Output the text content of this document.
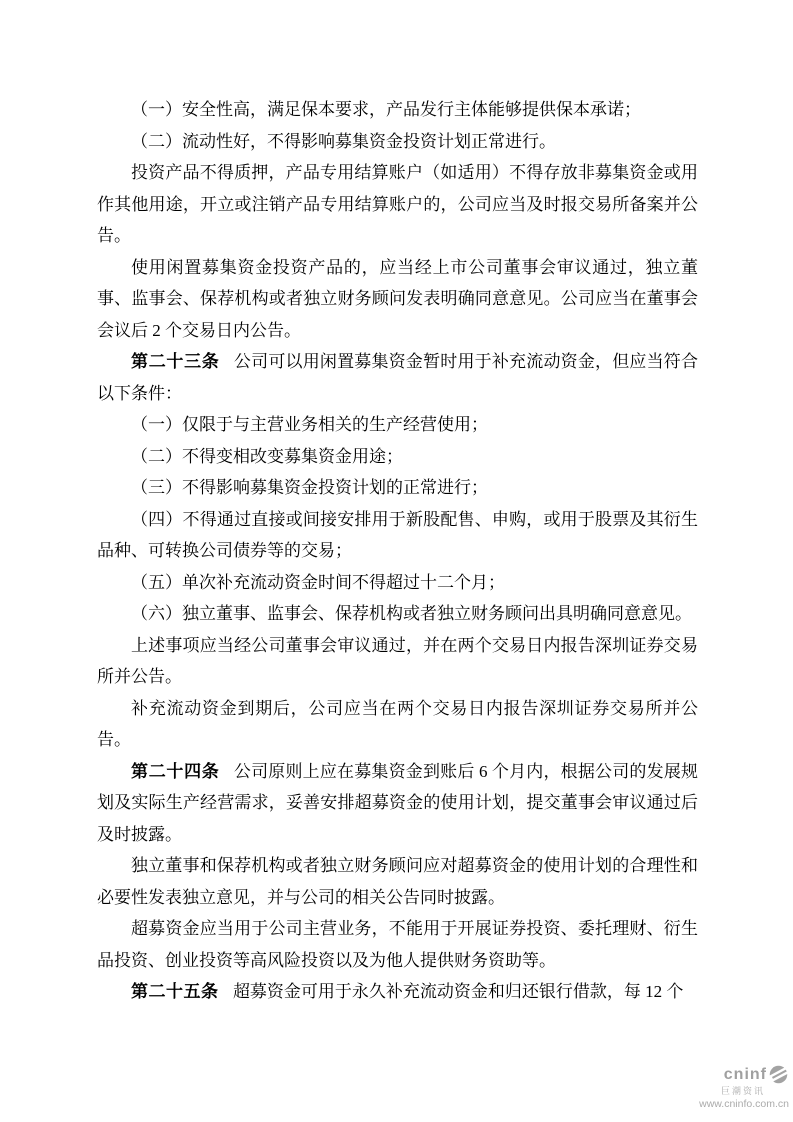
（一）安全性高，满足保本要求，产品发行主体能够提供保本承诺；

（二）流动性好，不得影响募集资金投资计划正常进行。

投资产品不得质押，产品专用结算账户（如适用）不得存放非募集资金或用作其他用途，开立或注销产品专用结算账户的，公司应当及时报交易所备案并公告。

使用闲置募集资金投资产品的，应当经上市公司董事会审议通过，独立董事、监事会、保荐机构或者独立财务顾问发表明确同意意见。公司应当在董事会会议后 2 个交易日内公告。

第二十三条 公司可以用闲置募集资金暂时用于补充流动资金，但应当符合以下条件：

（一）仅限于与主营业务相关的生产经营使用；

（二）不得变相改变募集资金用途；

（三）不得影响募集资金投资计划的正常进行；

（四）不得通过直接或间接安排用于新股配售、申购，或用于股票及其衍生品种、可转换公司债券等的交易；

（五）单次补充流动资金时间不得超过十二个月；

（六）独立董事、监事会、保荐机构或者独立财务顾问出具明确同意意见。

上述事项应当经公司董事会审议通过，并在两个交易日内报告深圳证券交易所并公告。

补充流动资金到期后，公司应当在两个交易日内报告深圳证券交易所并公告。

第二十四条 公司原则上应在募集资金到账后 6 个月内，根据公司的发展规划及实际生产经营需求，妥善安排超募资金的使用计划，提交董事会审议通过后及时披露。

独立董事和保荐机构或者独立财务顾问应对超募资金的使用计划的合理性和必要性发表独立意见，并与公司的相关公告同时披露。

超募资金应当用于公司主营业务，不能用于开展证券投资、委托理财、衍生品投资、创业投资等高风险投资以及为他人提供财务资助等。

第二十五条 超募资金可用于永久补充流动资金和归还银行借款，每 12 个

cninf
巨潮资讯
www.cninfo.com.cn
